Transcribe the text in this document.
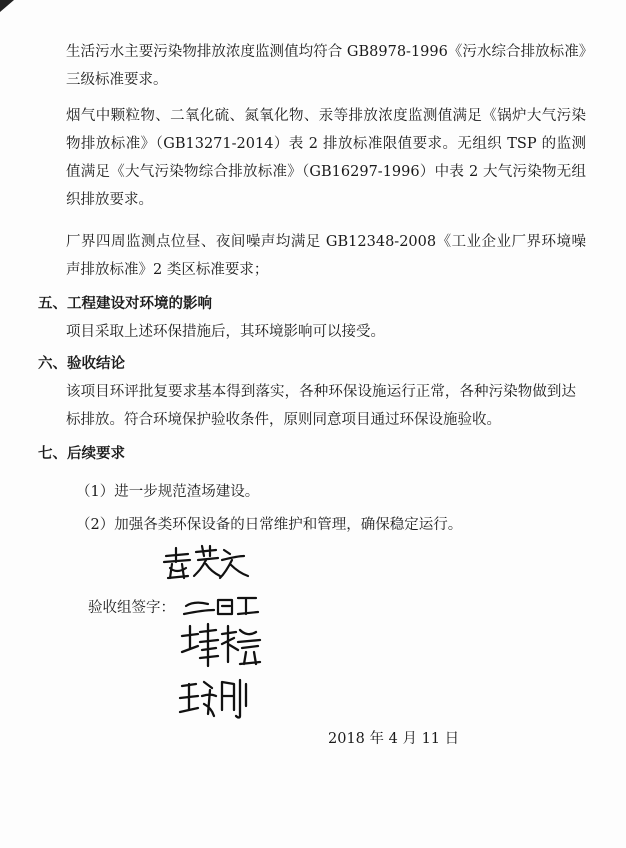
生活污水主要污染物排放浓度监测值均符合 GB8978-1996《污水综合排放标准》三级标准要求。

烟气中颗粒物、二氧化硫、氮氧化物、汞等排放浓度监测值满足《锅炉大气污染物排放标准》（GB13271-2014）表 2 排放标准限值要求。无组织 TSP 的监测值满足《大气污染物综合排放标准》（GB16297-1996）中表 2 大气污染物无组织排放要求。

厂界四周监测点位昼、夜间噪声均满足 GB12348-2008《工业企业厂界环境噪声排放标准》2 类区标准要求；

五、工程建设对环境的影响

项目采取上述环保措施后，其环境影响可以接受。

六、验收结论

该项目环评批复要求基本得到落实，各种环保设施运行正常，各种污染物做到达标排放。符合环境保护验收条件，原则同意项目通过环保设施验收。

七、后续要求

（1）进一步规范渣场建设。

（2）加强各类环保设备的日常维护和管理，确保稳定运行。

验收组签字：
2018 年 4 月 11 日
